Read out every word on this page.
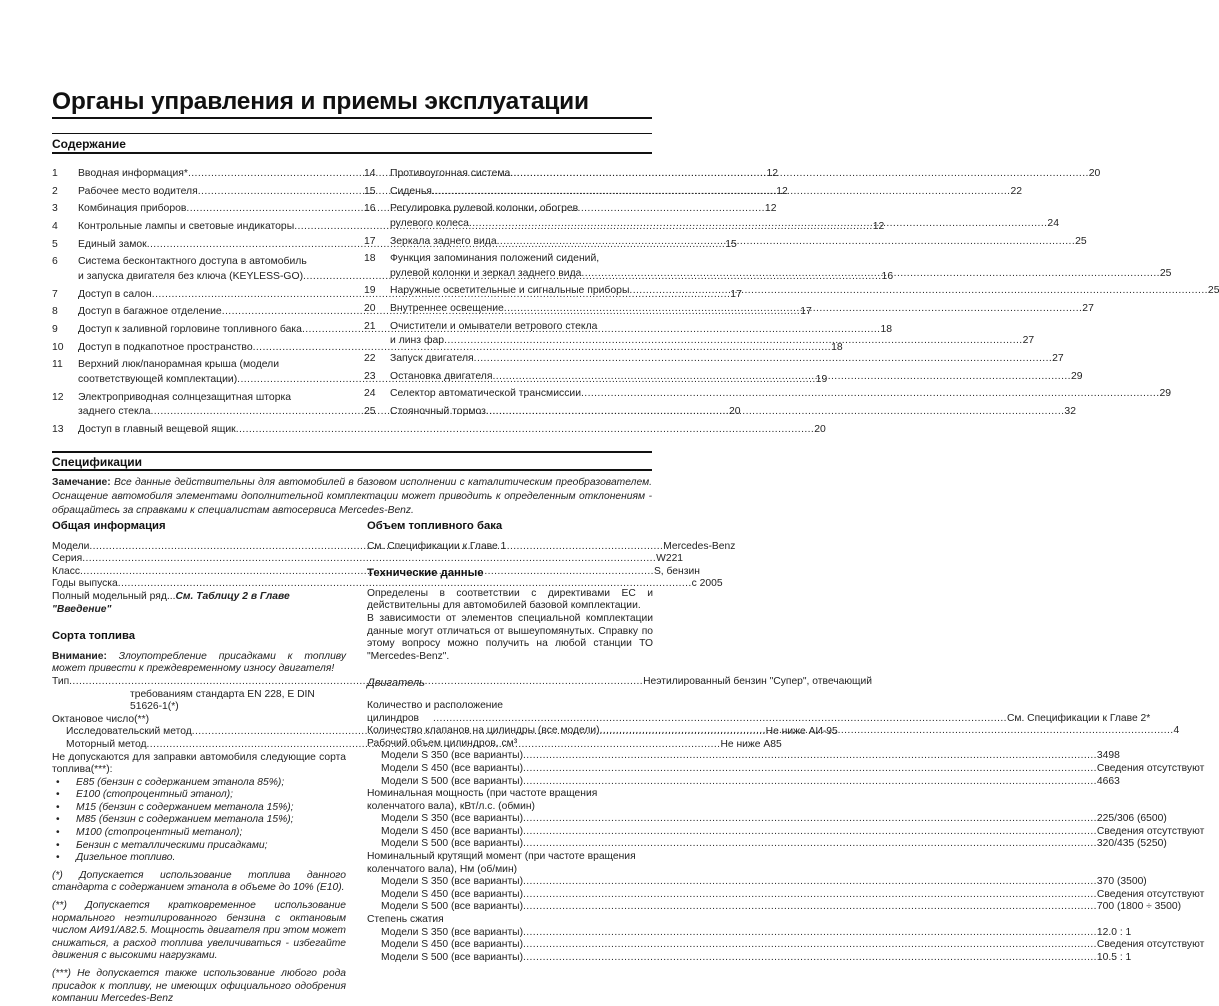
Органы управления и приемы эксплуатации
Содержание
1	Вводная информация* .....	12
2	Рабочее место водителя .....	12
3	Комбинация приборов .....	12
4	Контрольные лампы и световые индикаторы .....	12
5	Единый замок .....	15
6	Система бесконтактного доступа в автомобиль
и запуска двигателя без ключа (KEYLESS-GO) .....	16
7	Доступ в салон .....	17
8	Доступ в багажное отделение .....	17
9	Доступ к заливной горловине топливного бака .....	18
10	Доступ в подкапотное пространство .....	18
11	Верхний люк/панорамная крыша (модели
соответствующей комплектации) .....	19
12	Электроприводная солнцезащитная шторка
заднего стекла .....	20
13	Доступ в главный вещевой ящик .....	20
14	Противоугонная система .....	20
15	Сиденья .....	22
16	Регулировка рулевой колонки, обогрев
рулевого колеса .....	24
17	Зеркала заднего вида .....	25
18	Функция запоминания положений сидений,
рулевой колонки и зеркал заднего вида .....	25
19	Наружные осветительные и сигнальные приборы .....	25
20	Внутреннее освещение .....	27
21	Очистители и омыватели ветрового стекла
и линз фар .....	27
22	Запуск двигателя .....	27
23	Остановка двигателя .....	29
24	Селектор автоматической трансмиссии .....	29
25	Стояночный тормоз .....	32
Спецификации
Замечание: Все данные действительны для автомобилей в базовом исполнении с каталитическим преобразователем. Оснащение автомобиля элементами дополнительной комплектации может приводить к определенным отклонениям - обращайтесь за справками к специалистам автосервиса Mercedes-Benz.
Общая информация
Модели .....	Mercedes-Benz
Серия .....	W221
Класс .....	S, бензин
Годы выпуска .....	с 2005
Полный модельный ряд...См. Таблицу 2 в Главе "Введение"
Сорта топлива
Внимание: Злоупотребление присадками к топливу может привести к преждевременному износу двигателя!
Тип .....	Неэтилированный бензин "Супер", отвечающий
требованиям стандарта EN 228, E DIN 51626-1(*)
Октановое число(**)
Исследовательский метод .....	Не ниже АИ-95
Моторный метод .....	Не ниже А85
Не допускаются для заправки автомобиля следующие сорта топлива(***):
•	E85 (бензин с содержанием этанола 85%);
•	E100 (стопроцентный этанол);
•	M15 (бензин с содержанием метанола 15%);
•	M85 (бензин с содержанием метанола 15%);
•	M100 (стопроцентный метанол);
•	Бензин с металлическими присадками;
•	Дизельное топливо.
(*) Допускается использование топлива данного стандарта с содержанием этанола в объеме до 10% (E10).
(**) Допускается кратковременное использование нормального неэтилированного бензина с октановым числом АИ91/А82.5. Мощность двигателя при этом может снижаться, а расход топлива увеличиваться - избегайте движения с высокими нагрузками.
(***) Не допускается также использование любого рода присадок к топливу, не имеющих официального одобрения компании Mercedes-Benz
Объем топливного бака
См. Спецификации к Главе 1
Технические данные
Определены в соответствии с директивами ЕС и действительны для автомобилей базовой комплектации.
В зависимости от элементов специальной комплектации данные могут отличаться от вышеупомянутых. Справку по этому вопросу можно получить на любой станции ТО "Mercedes-Benz".
Двигатель
Количество и расположение
цилиндров .....	См. Спецификации к Главе 2*
Количество клапанов на цилиндры (все модели) .....	4
Рабочий объем цилиндров, см³
Модели S 350 (все варианты) .....	3498
Модели S 450 (все варианты) .....	Сведения отсутствуют
Модели S 500 (все варианты) .....	4663
Номинальная мощность (при частоте вращения
коленчатого вала), кВт/л.с. (обмин)
Модели S 350 (все варианты) .....	225/306 (6500)
Модели S 450 (все варианты) .....	Сведения отсутствуют
Модели S 500 (все варианты) .....	320/435 (5250)
Номинальный крутящий момент (при частоте вращения
коленчатого вала), Нм (об/мин)
Модели S 350 (все варианты) .....	370 (3500)
Модели S 450 (все варианты) .....	Сведения отсутствуют
Модели S 500 (все варианты) .....	700 (1800 ÷ 3500)
Степень сжатия
Модели S 350 (все варианты) .....	12.0 : 1
Модели S 450 (все варианты) .....	Сведения отсутствуют
Модели S 500 (все варианты) .....	10.5 : 1
